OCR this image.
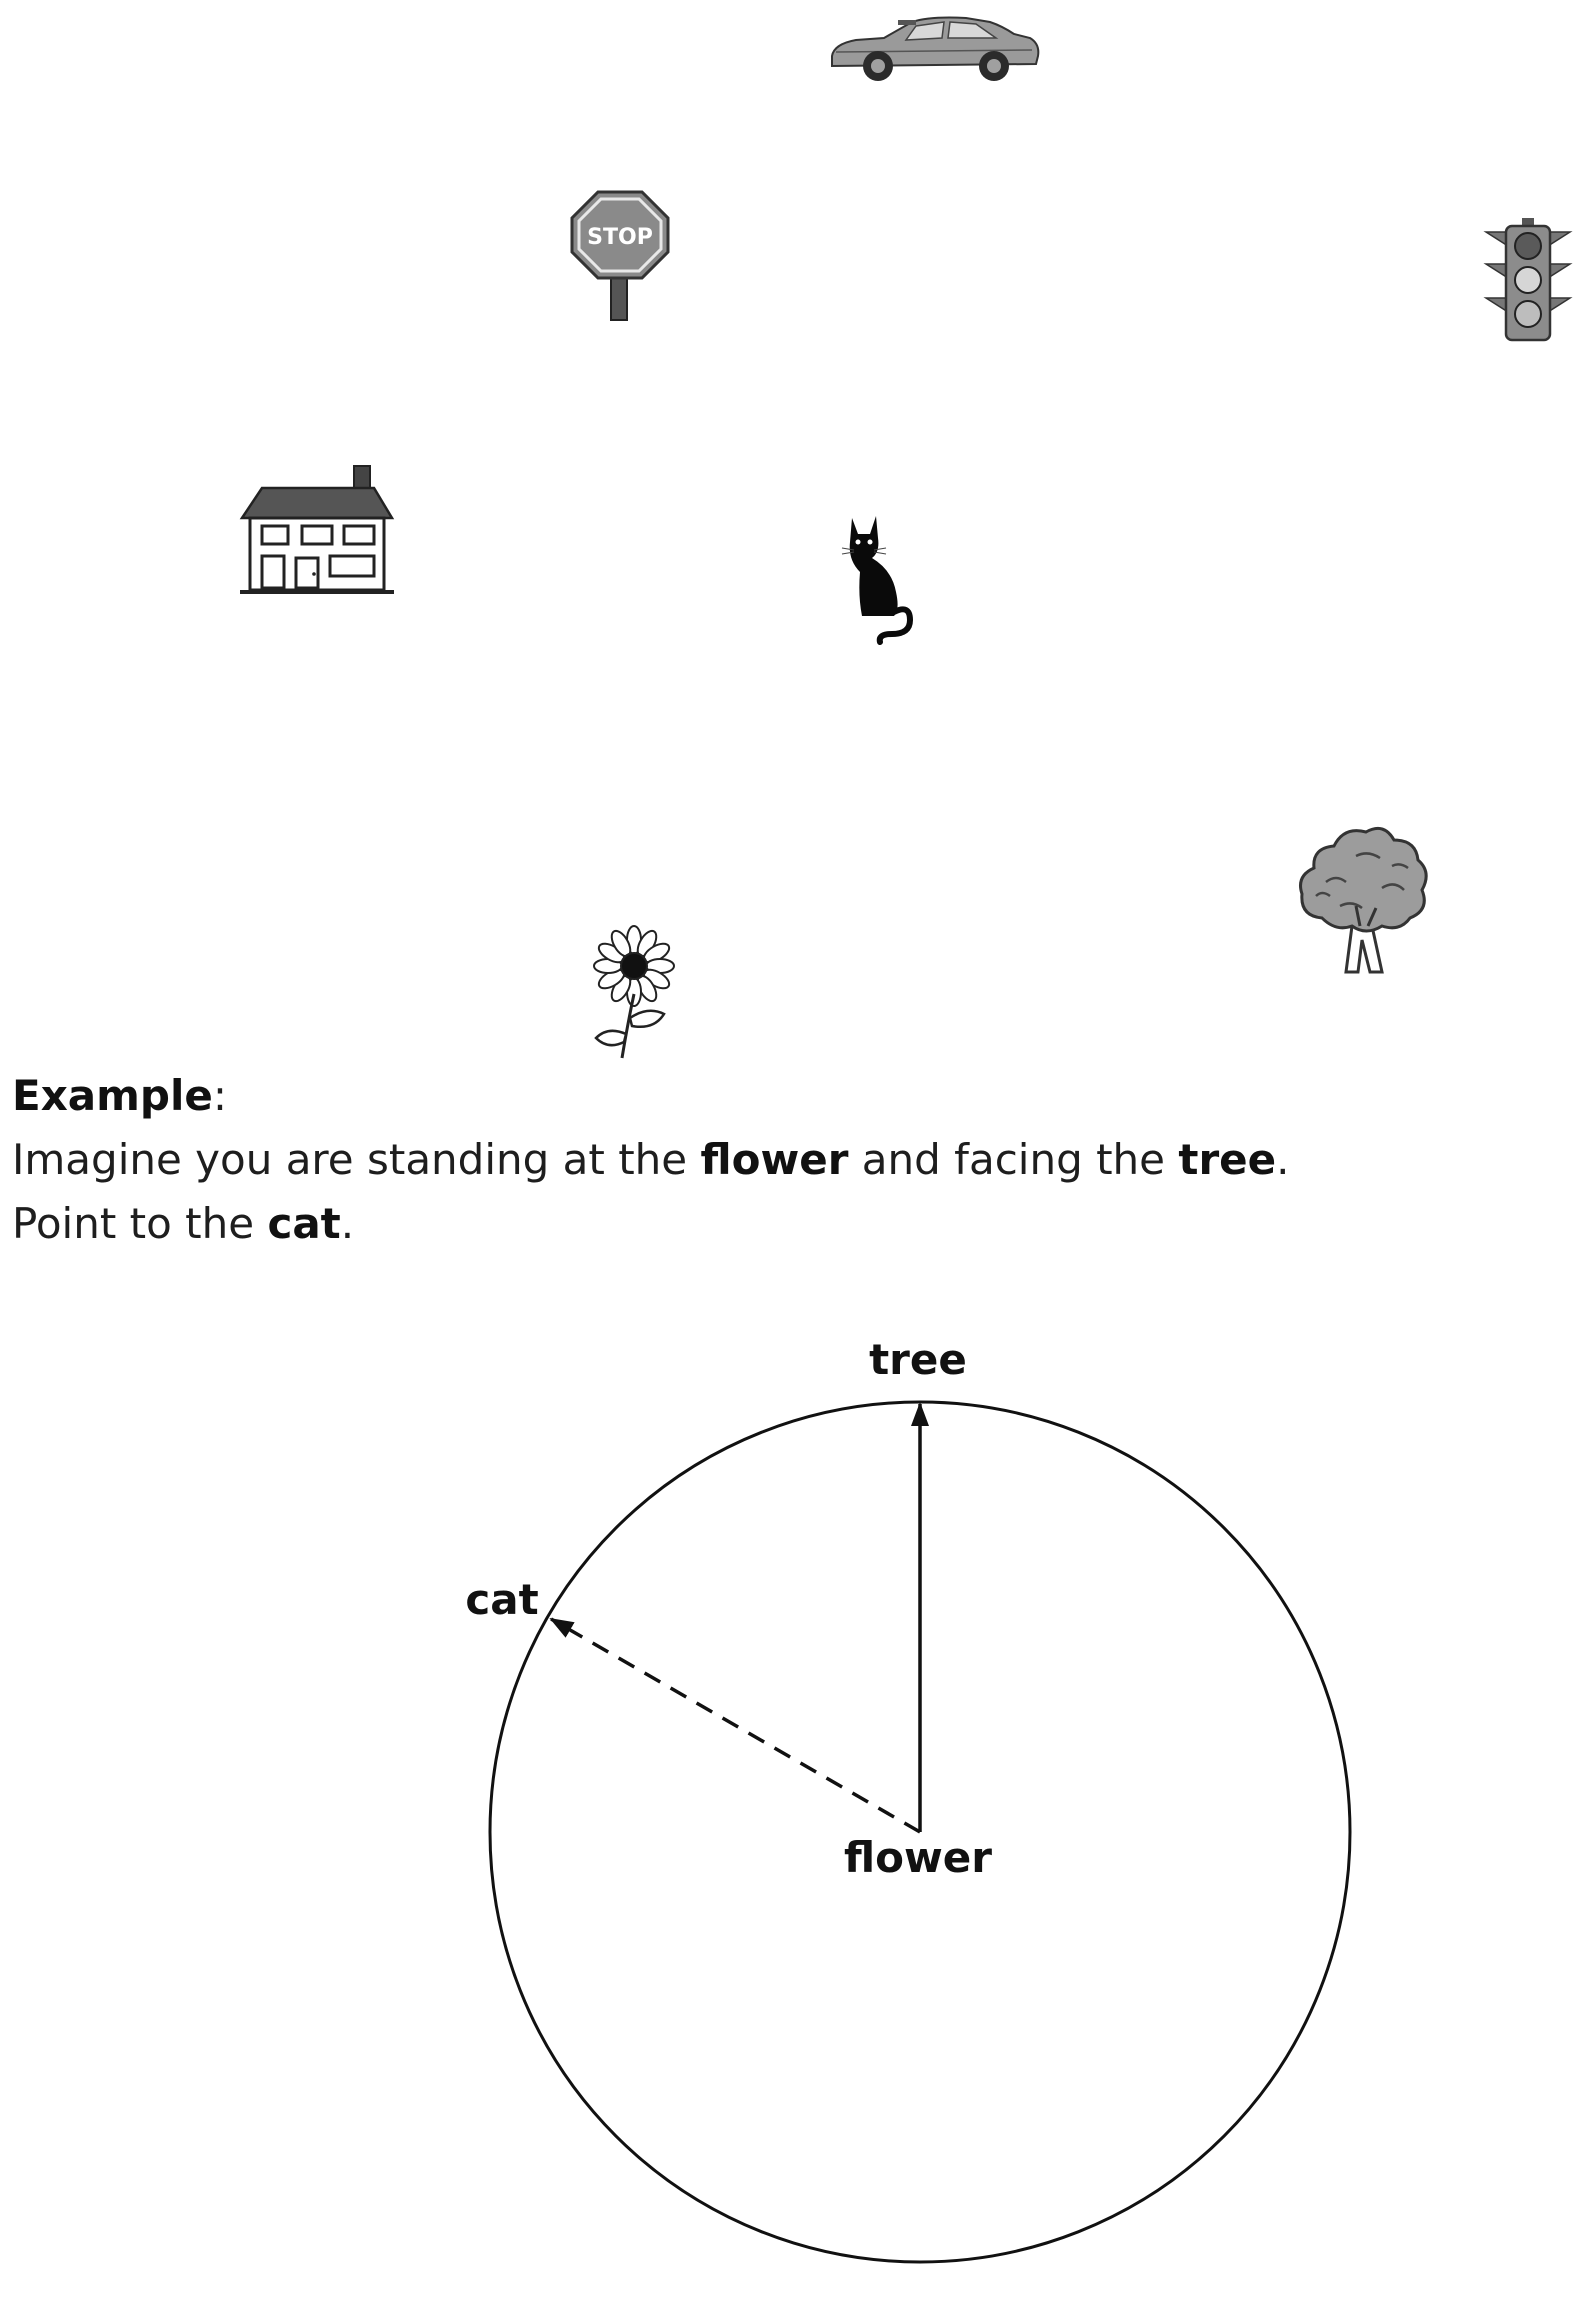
STOP

Example:

Imagine you are standing at the flower and facing the tree.

Point to the cat.

tree
cat
flower
